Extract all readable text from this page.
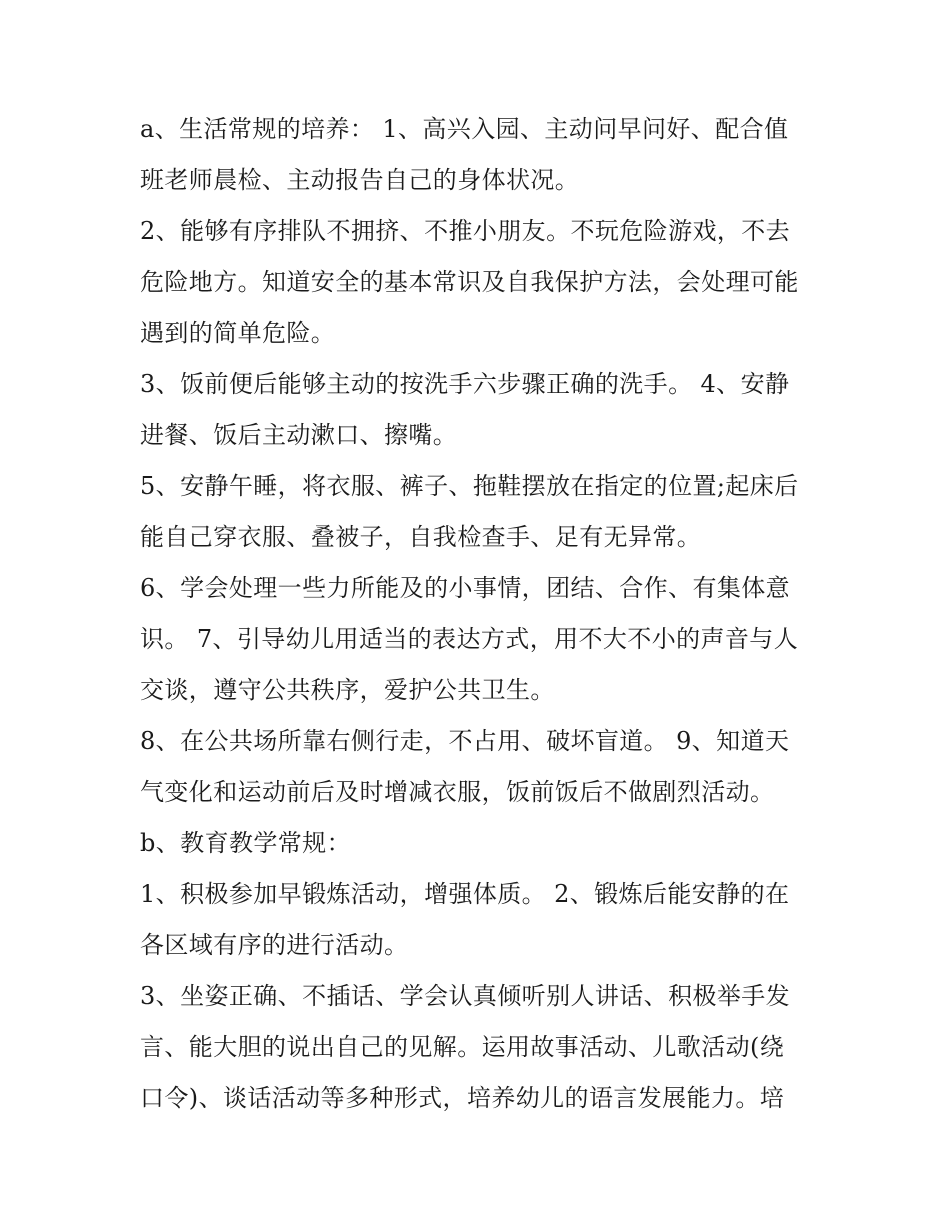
a、生活常规的培养： 1、高兴入园、主动问早问好、配合值
班老师晨检、主动报告自己的身体状况。
2、能够有序排队不拥挤、不推小朋友。不玩危险游戏，不去
危险地方。知道安全的基本常识及自我保护方法，会处理可能
遇到的简单危险。
3、饭前便后能够主动的按洗手六步骤正确的洗手。 4、安静
进餐、饭后主动漱口、擦嘴。
5、安静午睡，将衣服、裤子、拖鞋摆放在指定的位置;起床后
能自己穿衣服、叠被子，自我检查手、足有无异常。
6、学会处理一些力所能及的小事情，团结、合作、有集体意
识。 7、引导幼儿用适当的表达方式，用不大不小的声音与人
交谈，遵守公共秩序，爱护公共卫生。
8、在公共场所靠右侧行走，不占用、破坏盲道。 9、知道天
气变化和运动前后及时增减衣服，饭前饭后不做剧烈活动。
b、教育教学常规：
1、积极参加早锻炼活动，增强体质。 2、锻炼后能安静的在
各区域有序的进行活动。
3、坐姿正确、不插话、学会认真倾听别人讲话、积极举手发
言、能大胆的说出自己的见解。运用故事活动、儿歌活动(绕
口令)、谈话活动等多种形式，培养幼儿的语言发展能力。培
